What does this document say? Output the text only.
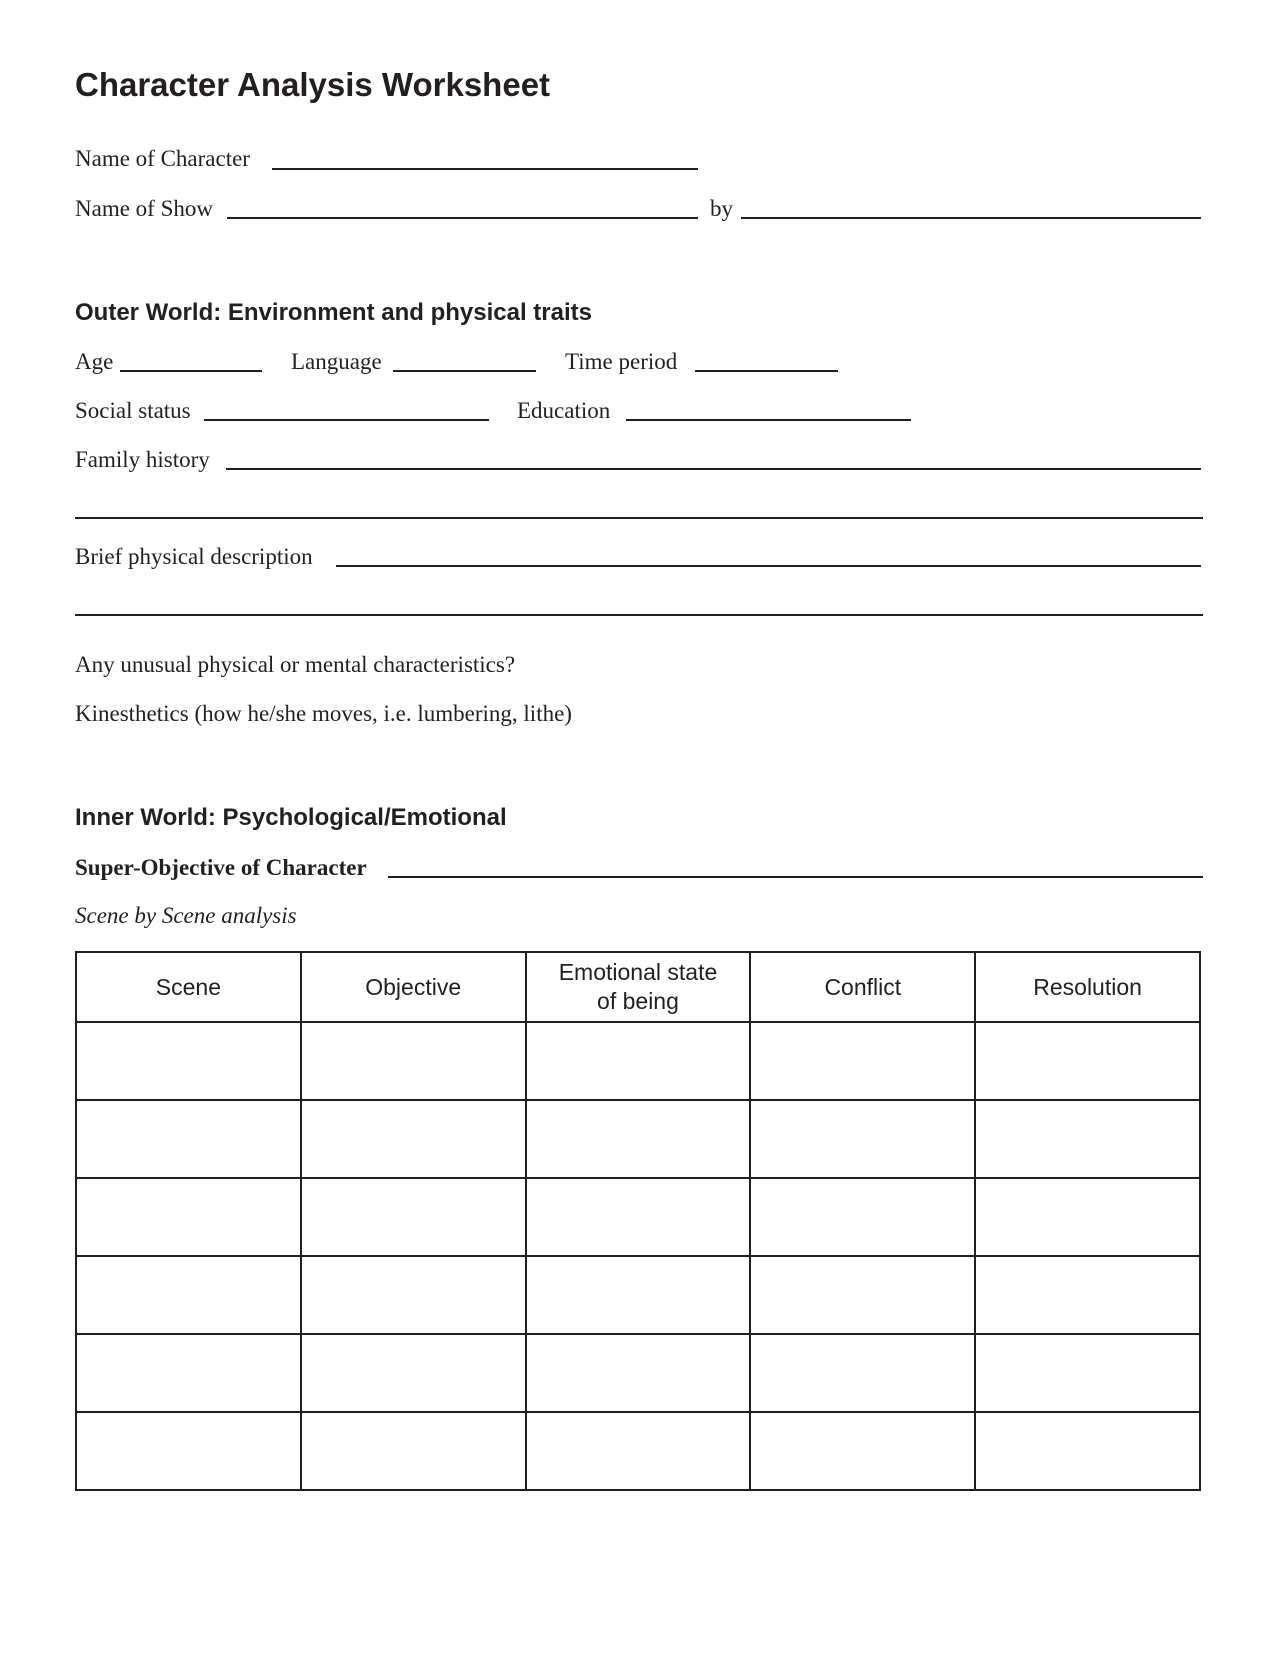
Character Analysis Worksheet
Name of Character
Name of Show	by
Outer World: Environment and physical traits
Age	Language	Time period
Social status	Education
Family history
Brief physical description
Any unusual physical or mental characteristics?
Kinesthetics (how he/she moves, i.e. lumbering, lithe)
Inner World: Psychological/Emotional
Super-Objective of Character
Scene by Scene analysis
Scene	Objective	Emotional state of being	Conflict	Resolution
